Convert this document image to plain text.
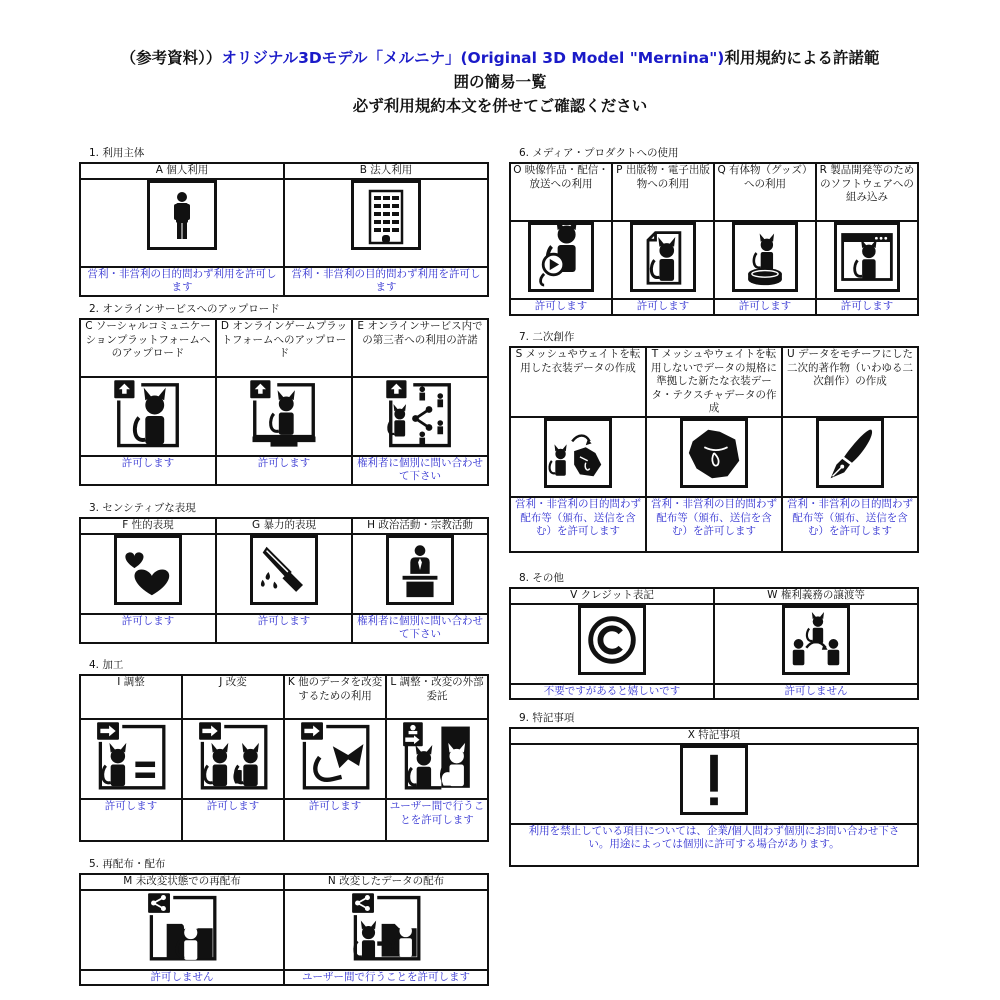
（参考資料））オリジナル3Dモデル「メルニナ」(Original 3D Model "Mernina")利用規約による許諾範
囲の簡易一覧
必ず利用規約本文を併せてご確認ください
1. 利用主体
A 個人利用	B 法人利用

営利・非営利の目的問わず利用を許可します	営利・非営利の目的問わず利用を許可します
2. オンラインサービスへのアップロード
C ソーシャルコミュニケーションプラットフォームへのアップロード	D オンラインゲームプラットフォームへのアップロード	E オンラインサービス内での第三者への利用の許諾

許可します	許可します	権利者に個別に問い合わせて下さい
3. センシティブな表現
F 性的表現	G 暴力的表現	H 政治活動・宗教活動

許可します	許可します	権利者に個別に問い合わせて下さい
4. 加工
I 調整	J 改変	K 他のデータを改変するための利用	L 調整・改変の外部委託

許可します	許可します	許可します	ユーザー間で行うことを許可します
5. 再配布・配布
M 未改変状態での再配布	N 改変したデータの配布

許可しません	ユーザー間で行うことを許可します
6. メディア・プロダクトへの使用
O 映像作品・配信・放送への利用	P 出版物・電子出版物への利用	Q 有体物（グッズ）への利用	R 製品開発等のためのソフトウェアへの組み込み

許可します	許可します	許可します	許可します
7. 二次創作
S メッシュやウェイトを転用した衣装データの作成	T メッシュやウェイトを転用しないでデータの規格に準拠した新たな衣装データ・テクスチャデータの作成	U データをモチーフにした二次的著作物（いわゆる二次創作）の作成

営利・非営利の目的問わず配布等（頒布、送信を含む）を許可します	営利・非営利の目的問わず配布等（頒布、送信を含む）を許可します	営利・非営利の目的問わず配布等（頒布、送信を含む）を許可します
8. その他
V クレジット表記	W 権利義務の譲渡等

不要ですがあると嬉しいです	許可しません
9. 特記事項
X 特記事項

利用を禁止している項目については、企業/個人問わず個別にお問い合わせ下さい。用途によっては個別に許可する場合があります。
